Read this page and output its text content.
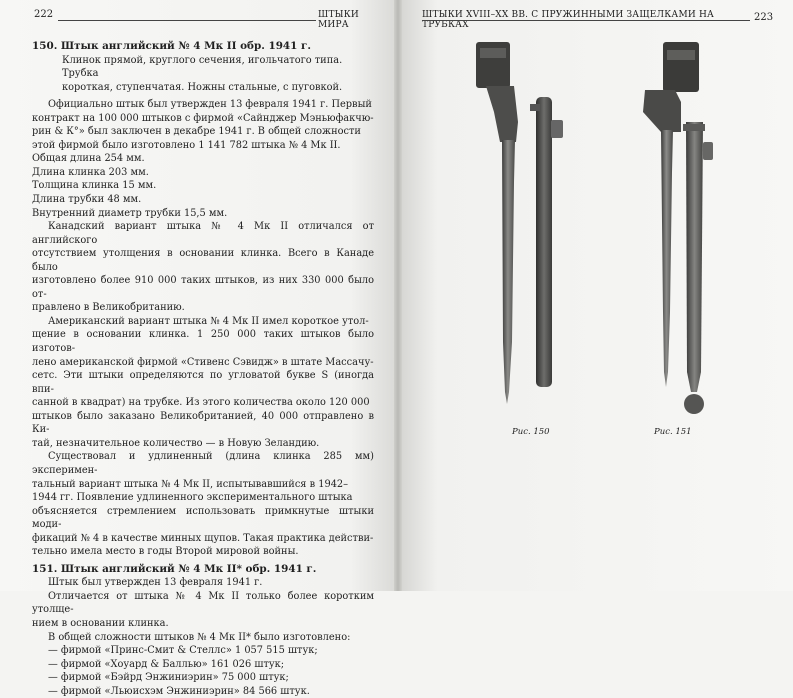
222	ШТЫКИ МИРА

150. Штык английский № 4 Мк II обр. 1941 г.

Клинок прямой, круглого сечения, игольчатого типа. Трубка

короткая, ступенчатая. Ножны стальные, с пуговкой.

Официально штык был утвержден 13 февраля 1941 г. Первый

контракт на 100 000 штыков с фирмой «Сайнджер Мэньюфакчю-

рин & К°» был заключен в декабре 1941 г. В общей сложности

этой фирмой было изготовлено 1 141 782 штыка № 4 Мк II.

Общая длина 254 мм.

Длина клинка 203 мм.

Толщина клинка 15 мм.

Длина трубки 48 мм.

Внутренний диаметр трубки 15,5 мм.

Канадский вариант штыка № 4 Мк II отличался от английского

отсутствием утолщения в основании клинка. Всего в Канаде было

изготовлено более 910 000 таких штыков, из них 330 000 было от-

правлено в Великобританию.

Американский вариант штыка № 4 Мк II имел короткое утол-

щение в основании клинка. 1 250 000 таких штыков было изготов-

лено американской фирмой «Стивенс Сэвидж» в штате Массачу-

сетс. Эти штыки определяются по угловатой букве S (иногда впи-

санной в квадрат) на трубке. Из этого количества около 120 000

штыков было заказано Великобританией, 40 000 отправлено в Ки-

тай, незначительное количество — в Новую Зеландию.

Существовал и удлиненный (длина клинка 285 мм) эксперимен-

тальный вариант штыка № 4 Мк II, испытывавшийся в 1942–

1944 гг. Появление удлиненного экспериментального штыка

объясняется стремлением использовать примкнутые штыки моди-

фикаций № 4 в качестве минных щупов. Такая практика действи-

тельно имела место в годы Второй мировой войны.

151. Штык английский № 4 Мк II* обр. 1941 г.

Штык был утвержден 13 февраля 1941 г.

Отличается от штыка № 4 Мк II только более коротким утолще-

нием в основании клинка.

В общей сложности штыков № 4 Мк II* было изготовлено:

— фирмой «Принс-Смит & Стеллс» 1 057 515 штук;

— фирмой «Хоуард & Баллью» 161 026 штук;

— фирмой «Бэйрд Энжиниэрин» 75 000 штук;

— фирмой «Льюисхэм Энжиниэрин» 84 566 штук.

ШТЫКИ XVIII–XX ВВ. С ПРУЖИННЫМИ ЗАЩЕЛКАМИ НА ТРУБКАХ
223
Рис. 150	Рис. 151
